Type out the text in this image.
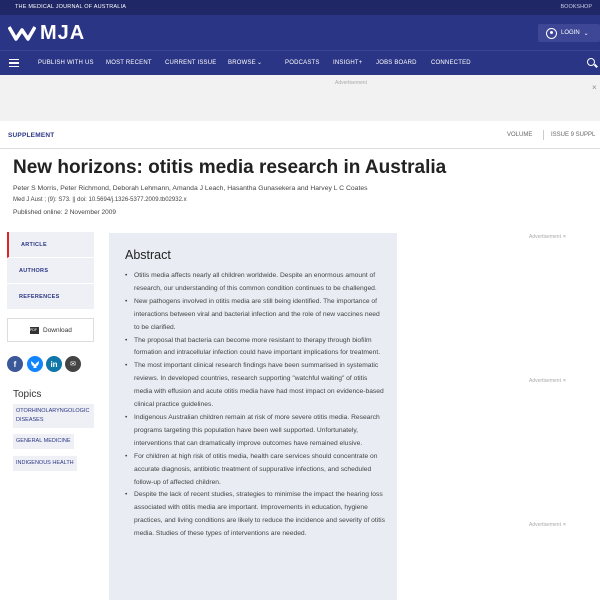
THE MEDICAL JOURNAL OF AUSTRALIA	BOOKSHOP
MJA	LOGIN ⌄
PUBLISH WITH US MOST RECENT CURRENT ISSUE BROWSE ⌄	PODCASTS INSIGHT+ JOBS BOARD CONNECTED
Advertisement	×
SUPPLEMENT	VOLUME	ISSUE 9 SUPPL
New horizons: otitis media research in Australia
Peter S Morris, Peter Richmond, Deborah Lehmann, Amanda J Leach, Hasantha Gunasekera and Harvey L C Coates
Med J Aust ; (9): S73. || doi: 10.5694/j.1326-5377.2009.tb02932.x
Published online: 2 November 2009
ARTICLE
AUTHORS
REFERENCES
PDF
Download
f	in ✉
Topics
OTORHINOLARYNGOLOGIC DISEASES
GENERAL MEDICINE
INDIGENOUS HEALTH
Abstract
• Otitis media affects nearly all children worldwide. Despite an enormous amount of research, our understanding of this common condition continues to be challenged.
• New pathogens involved in otitis media are still being identified. The importance of interactions between viral and bacterial infection and the role of new vaccines need to be clarified.
• The proposal that bacteria can become more resistant to therapy through biofilm formation and intracellular infection could have important implications for treatment.
• The most important clinical research findings have been summarised in systematic reviews. In developed countries, research supporting "watchful waiting" of otitis media with effusion and acute otitis media have had most impact on evidence-based clinical practice guidelines.
• Indigenous Australian children remain at risk of more severe otitis media. Research programs targeting this population have been well supported. Unfortunately, interventions that can dramatically improve outcomes have remained elusive.
• For children at high risk of otitis media, health care services should concentrate on accurate diagnosis, antibiotic treatment of suppurative infections, and scheduled follow-up of affected children.
• Despite the lack of recent studies, strategies to minimise the impact the hearing loss associated with otitis media are important. Improvements in education, hygiene practices, and living conditions are likely to reduce the incidence and severity of otitis media. Studies of these types of interventions are needed.
Advertisement ×
Advertisement ×
Advertisement ×
